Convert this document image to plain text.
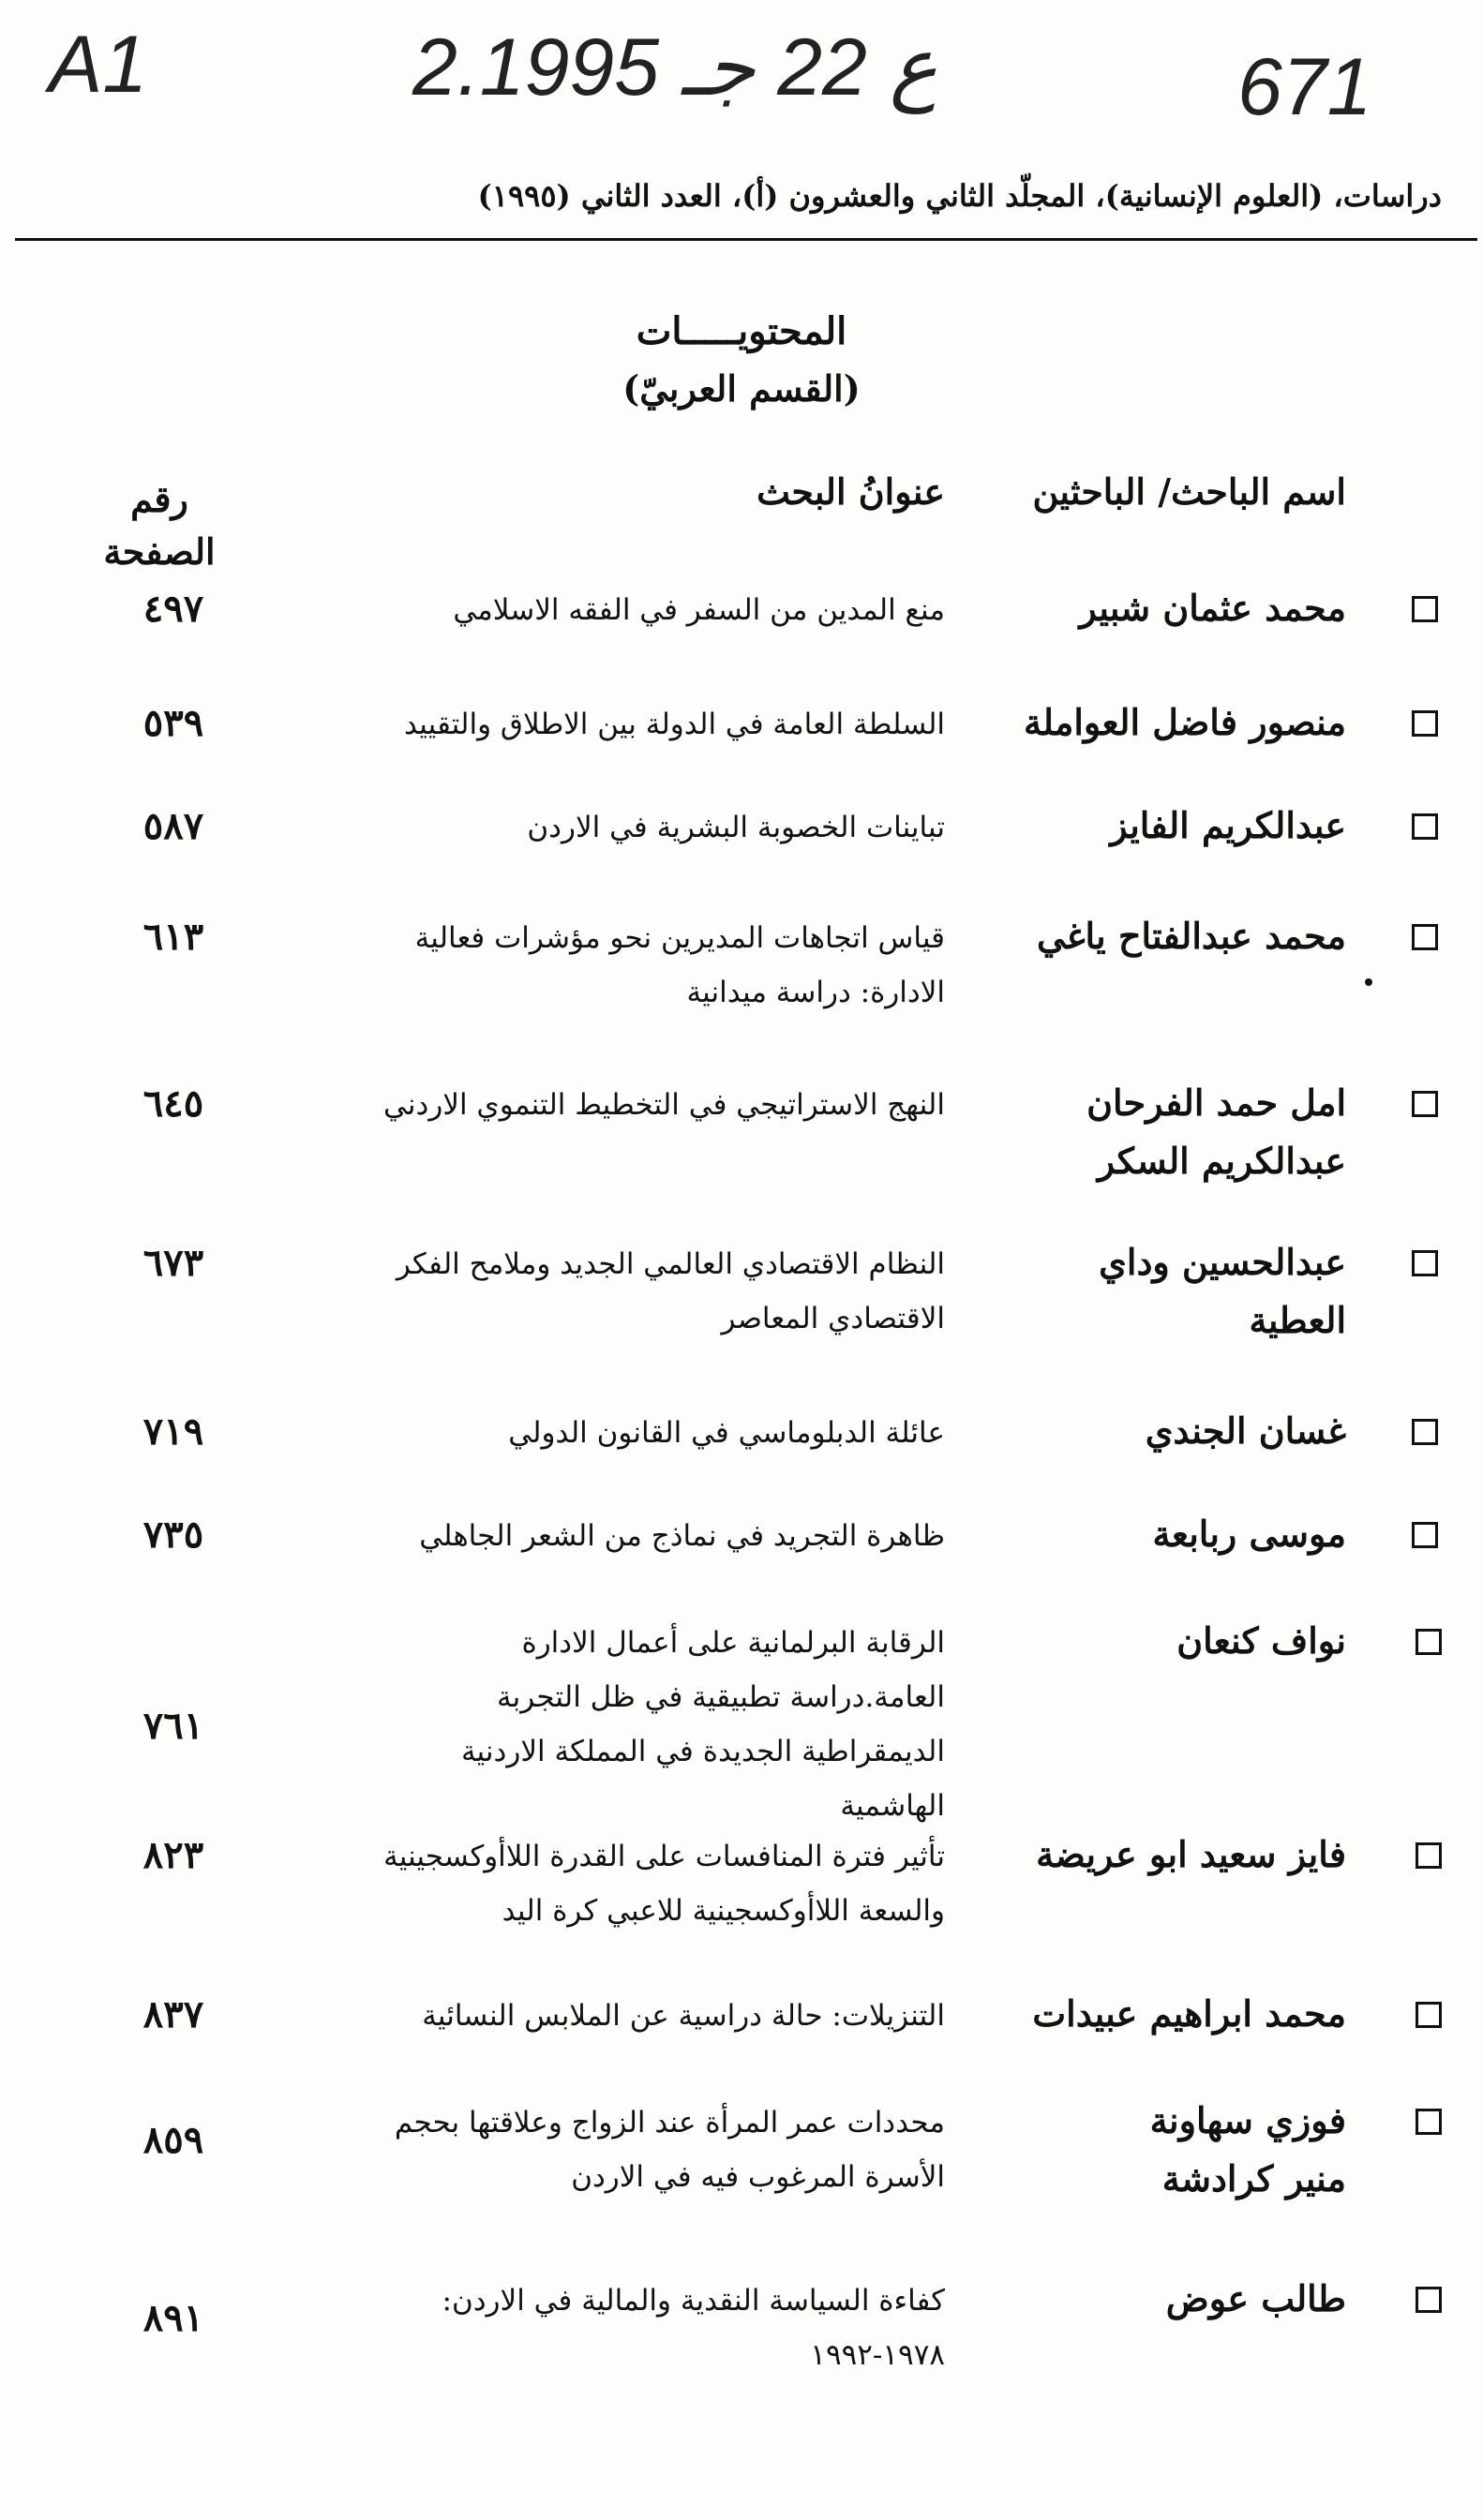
A1	2.ع 22 جـ 1995	671
دراسات، (العلوم الإنسانية)، المجلّد الثاني والعشرون (أ)، العدد الثاني (١٩٩٥)
المحتويـــــات
(القسم العربيّ)
اسم الباحث/ الباحثين
عنوانُ البحث
رقم
الصفحة
محمد عثمان شبير
منع المدين من السفر في الفقه الاسلامي
٤٩٧
منصور فاضل العواملة
السلطة العامة في الدولة بين الاطلاق والتقييد
٥٣٩
عبدالكريم الفايز
تباينات الخصوبة البشرية في الاردن
٥٨٧
محمد عبدالفتاح ياغي
قياس اتجاهات المديرين نحو مؤشرات فعالية الادارة: دراسة ميدانية
٦١٣
امل حمد الفرحان
عبدالكريم السكر
النهج الاستراتيجي في التخطيط التنموي الاردني
٦٤٥
عبدالحسين وداي العطية
النظام الاقتصادي العالمي الجديد وملامح الفكر الاقتصادي المعاصر
٦٧٣
غسان الجندي
عائلة الدبلوماسي في القانون الدولي
٧١٩
موسى ربابعة
ظاهرة التجريد في نماذج من الشعر الجاهلي
٧٣٥
نواف كنعان
الرقابة البرلمانية على أعمال الادارة العامة.دراسة تطبيقية في ظل التجربة الديمقراطية الجديدة في المملكة الاردنية الهاشمية
٧٦١
فايز سعيد ابو عريضة
تأثير فترة المنافسات على القدرة اللاأوكسجينية والسعة اللاأوكسجينية للاعبي كرة اليد
٨٢٣
محمد ابراهيم عبيدات
التنزيلات: حالة دراسية عن الملابس النسائية
٨٣٧
فوزي سهاونة
منير كرادشة
محددات عمر المرأة عند الزواج وعلاقتها بحجم الأسرة المرغوب فيه في الاردن
٨٥٩
طالب عوض
كفاءة السياسة النقدية والمالية في الاردن: ١٩٧٨-١٩٩٢
٨٩١
